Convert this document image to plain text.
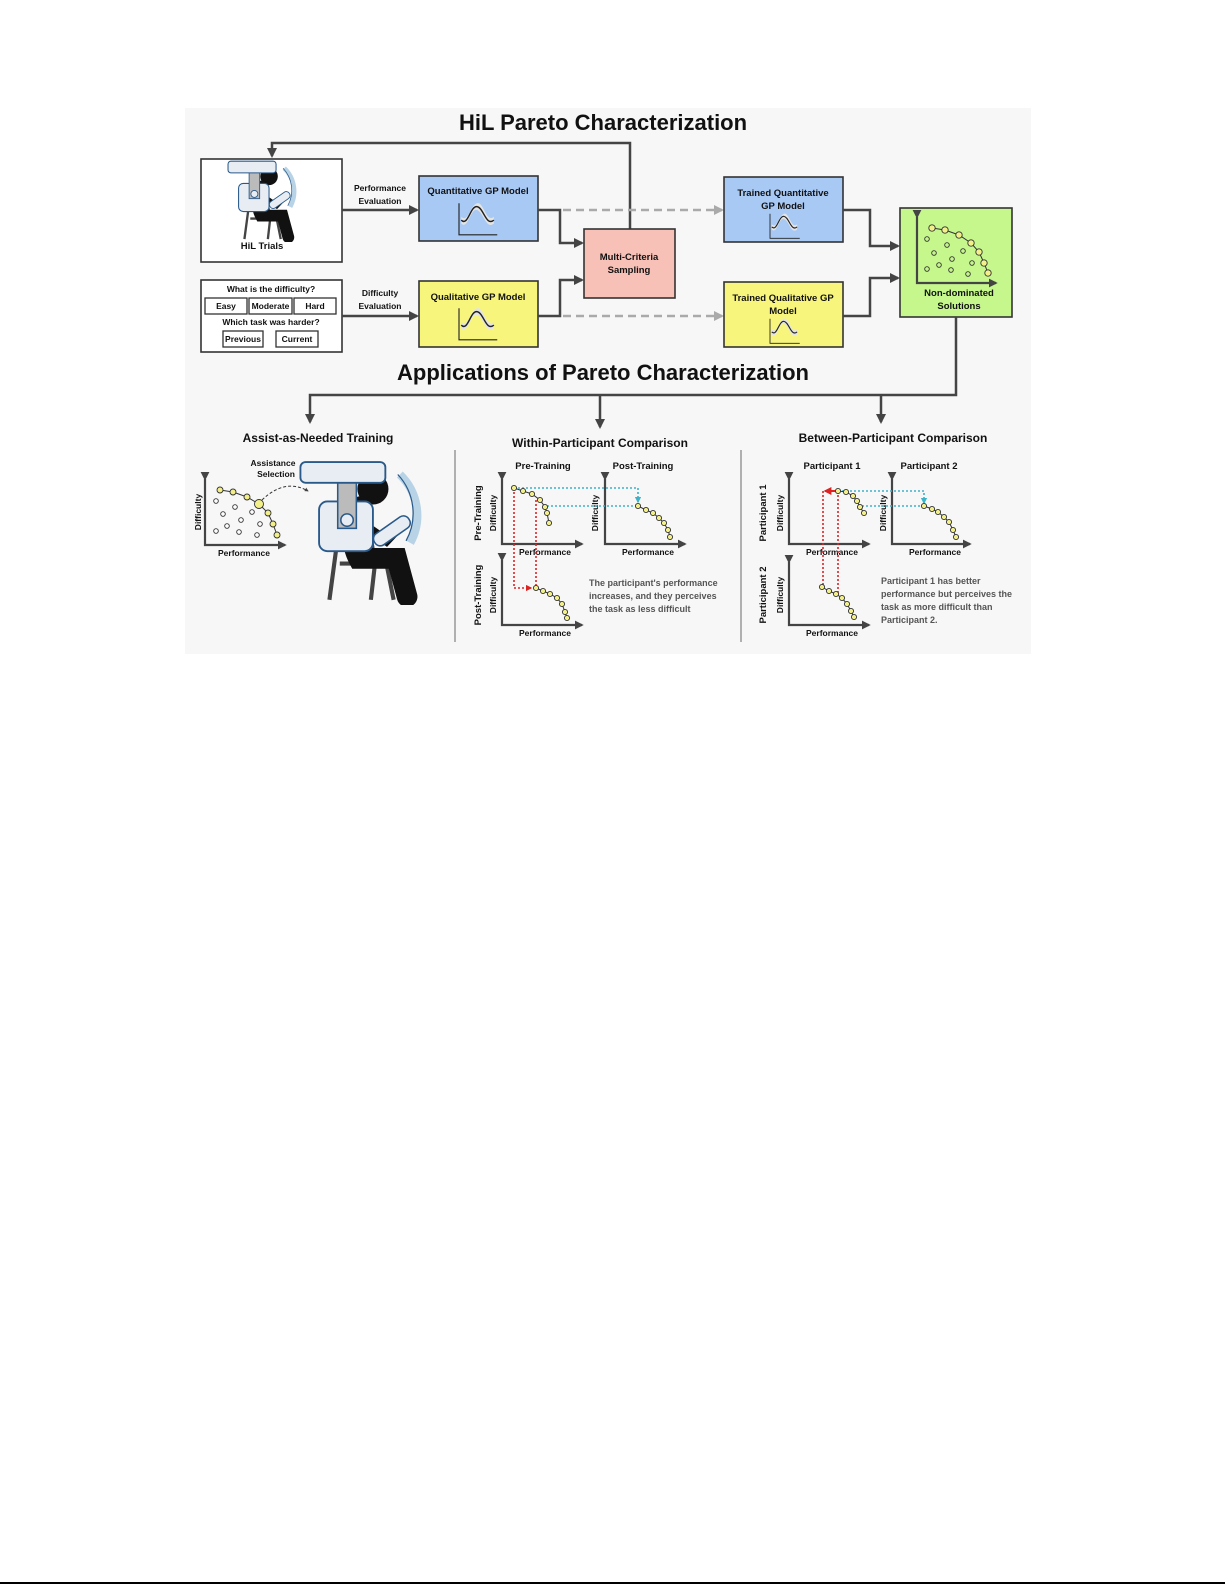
HiL Pareto Characterization
Applications of Pareto Characterization
HiL Trials
What is the difficulty?
Easy Moderate Hard
Which task was harder?
Previous Current
Performance
Evaluation
Difficulty
Evaluation
Quantitative GP Model
Qualitative GP Model
Multi-Criteria
Sampling
Trained Quantitative
GP Model
Trained Qualitative GP
Model
Non-dominated
Solutions
Assist-as-Needed Training	Within-Participant Comparison	Between-Participant Comparison
Difficulty
Performance
Assistance
Selection
Pre-Training	Post-Training
Pre-Training
Post-Training
Difficulty	Difficulty
Difficulty
Performance	Performance
Performance
The participant's performance
increases, and they perceives
the task as less difficult
Participant 1	Participant 2
Participant 1
Participant 2
Difficulty	Difficulty
Difficulty
Performance	Performance
Performance
Participant 1 has better
performance but perceives the
task as more difficult than
Participant 2.
